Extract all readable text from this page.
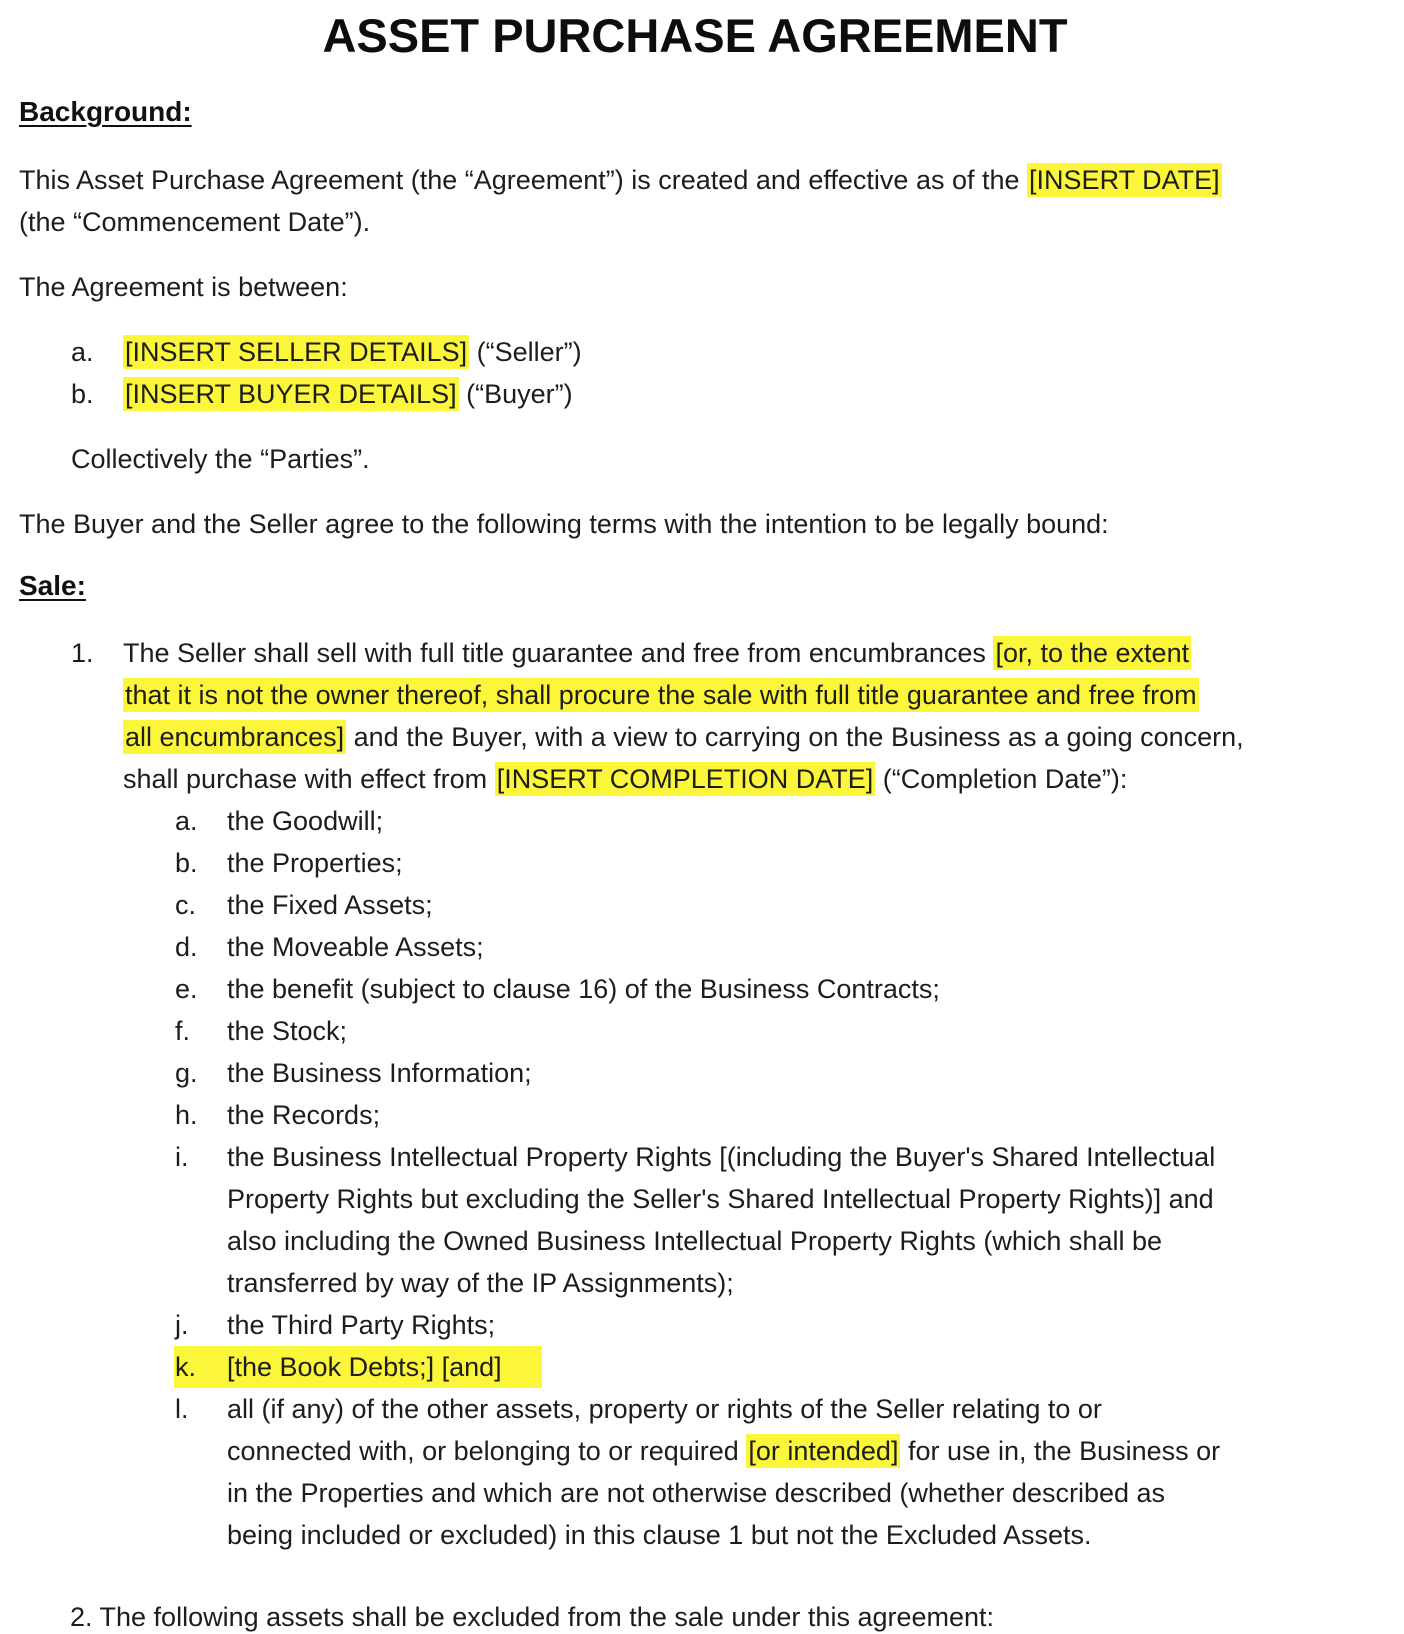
ASSET PURCHASE AGREEMENT
Background:
This Asset Purchase Agreement (the “Agreement”) is created and effective as of the [INSERT DATE]
(the “Commencement Date”).
The Agreement is between:
a. [INSERT SELLER DETAILS] (“Seller”)
b. [INSERT BUYER DETAILS] (“Buyer”)
Collectively the “Parties”.
The Buyer and the Seller agree to the following terms with the intention to be legally bound:
Sale:
1. The Seller shall sell with full title guarantee and free from encumbrances [or, to the extent
that it is not the owner thereof, shall procure the sale with full title guarantee and free from
all encumbrances] and the Buyer, with a view to carrying on the Business as a going concern,
shall purchase with effect from [INSERT COMPLETION DATE] (“Completion Date”):
a. the Goodwill;
b. the Properties;
c. the Fixed Assets;
d. the Moveable Assets;
e. the benefit (subject to clause 16) of the Business Contracts;
f. the Stock;
g. the Business Information;
h. the Records;
i. the Business Intellectual Property Rights [(including the Buyer's Shared Intellectual
Property Rights but excluding the Seller's Shared Intellectual Property Rights)] and
also including the Owned Business Intellectual Property Rights (which shall be
transferred by way of the IP Assignments);
j. the Third Party Rights;
k. [the Book Debts;] [and]
l. all (if any) of the other assets, property or rights of the Seller relating to or
connected with, or belonging to or required [or intended] for use in, the Business or
in the Properties and which are not otherwise described (whether described as
being included or excluded) in this clause 1 but not the Excluded Assets.
2. The following assets shall be excluded from the sale under this agreement:
